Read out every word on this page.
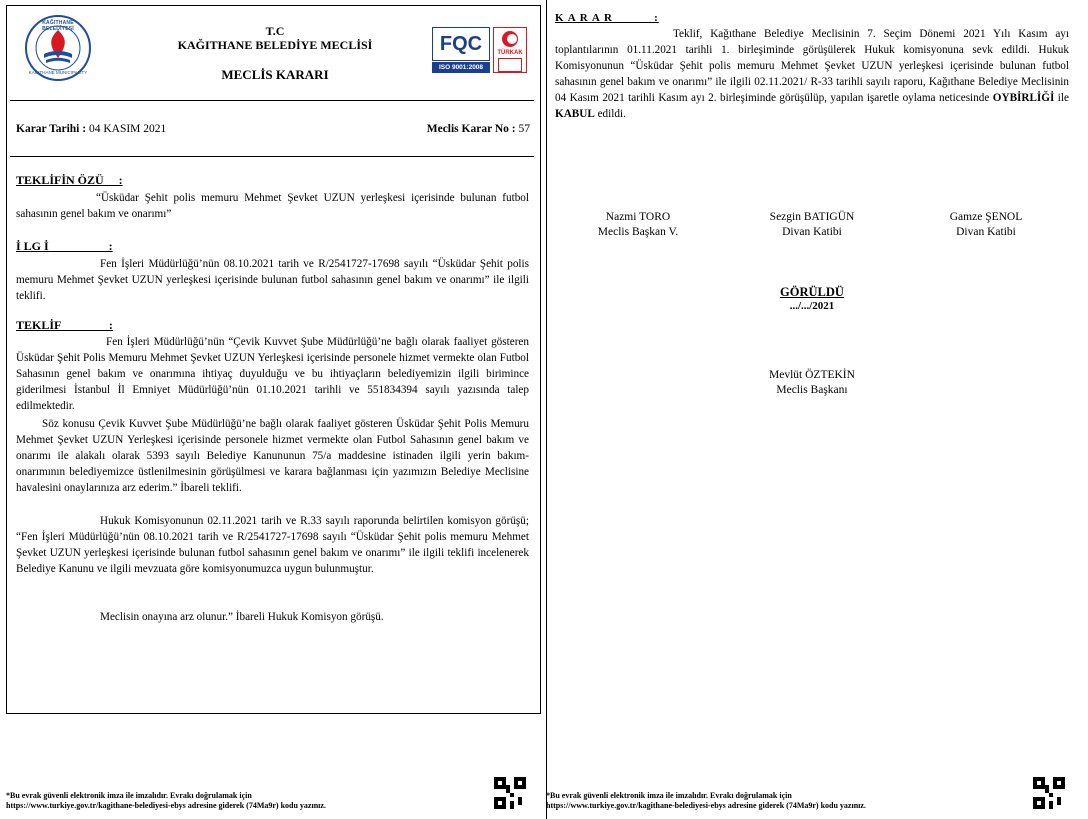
KAĞITHANE BELEDİYESİ
KAĞITHANE MUNICIPALITY
T.C
KAĞITHANE BELEDİYE MECLİSİ
MECLİS KARARI
FQC
ISO 9001:2008
TÜRKAK
Karar Tarihi : 04 KASIM 2021	Meclis Karar No : 57
TEKLİFİN ÖZÜ     :
“Üsküdar Şehit polis memuru Mehmet Şevket UZUN yerleşkesi içerisinde bulunan futbol sahasının genel bakım ve onarımı”
İ LG İ                    :
Fen İşleri Müdürlüğü’nün 08.10.2021 tarih ve R/2541727-17698 sayılı “Üsküdar Şehit polis memuru Mehmet Şevket UZUN yerleşkesi içerisinde bulunan futbol sahasının genel bakım ve onarımı” ile ilgili teklifi.
TEKLİF                :
Fen İşleri Müdürlüğü’nün “Çevik Kuvvet Şube Müdürlüğü’ne bağlı olarak faaliyet gösteren Üsküdar Şehit Polis Memuru Mehmet Şevket UZUN Yerleşkesi içerisinde personele hizmet vermekte olan Futbol Sahasının genel bakım ve onarımına ihtiyaç duyulduğu ve bu ihtiyaçların belediyemizin ilgili birimince giderilmesi İstanbul İl Emniyet Müdürlüğü’nün 01.10.2021 tarihli ve 551834394 sayılı yazısında talep edilmektedir.
Söz konusu Çevik Kuvvet Şube Müdürlüğü’ne bağlı olarak faaliyet gösteren Üsküdar Şehit Polis Memuru Mehmet Şevket UZUN Yerleşkesi içerisinde personele hizmet vermekte olan Futbol Sahasının genel bakım ve onarımı ile alakalı olarak 5393 sayılı Belediye Kanununun 75/a maddesine istinaden ilgili yerin bakım- onarımının belediyemizce üstlenilmesinin görüşülmesi ve karara bağlanması için yazımızın Belediye Meclisine havalesini onaylarınıza arz ederim.” İbareli teklifi.
Hukuk Komisyonunun 02.11.2021 tarih ve R.33 sayılı raporunda belirtilen komisyon görüşü; “Fen İşleri Müdürlüğü’nün 08.10.2021 tarih ve R/2541727-17698 sayılı “Üsküdar Şehit polis memuru Mehmet Şevket UZUN yerleşkesi içerisinde bulunan futbol sahasının genel bakım ve onarımı” ile ilgili teklifi incelenerek Belediye Kanunu ve ilgili mevzuata göre komisyonumuzca uygun bulunmuştur.
Meclisin onayına arz olunur.” İbareli Hukuk Komisyon görüşü.
*Bu evrak güvenli elektronik imza ile imzalıdır. Evrakı doğrulamak için
https://www.turkiye.gov.tr/kagithane-belediyesi-ebys adresine giderek (74Ma9r) kodu yazınız.
K A R A R           :
Teklif, Kağıthane Belediye Meclisinin 7. Seçim Dönemi 2021 Yılı Kasım ayı toplantılarının 01.11.2021 tarihli 1. birleşiminde görüşülerek Hukuk komisyonuna sevk edildi. Hukuk Komisyonunun “Üsküdar Şehit polis memuru Mehmet Şevket UZUN yerleşkesi içerisinde bulunan futbol sahasının genel bakım ve onarımı” ile ilgili 02.11.2021/ R-33 tarihli sayılı raporu, Kağıthane Belediye Meclisinin 04 Kasım 2021 tarihli Kasım ayı 2. birleşiminde görüşülüp, yapılan işaretle oylama neticesinde OYBİRLİĞİ ile KABUL edildi.
Nazmi TORO
Meclis Başkan V.
Sezgin BATIGÜN
Divan Katibi
Gamze ŞENOL
Divan Katibi
GÖRÜLDÜ
.../.../2021
Mevlüt ÖZTEKİN
Meclis Başkanı
*Bu evrak güvenli elektronik imza ile imzalıdır. Evrakı doğrulamak için
https://www.turkiye.gov.tr/kagithane-belediyesi-ebys adresine giderek (74Ma9r) kodu yazınız.
